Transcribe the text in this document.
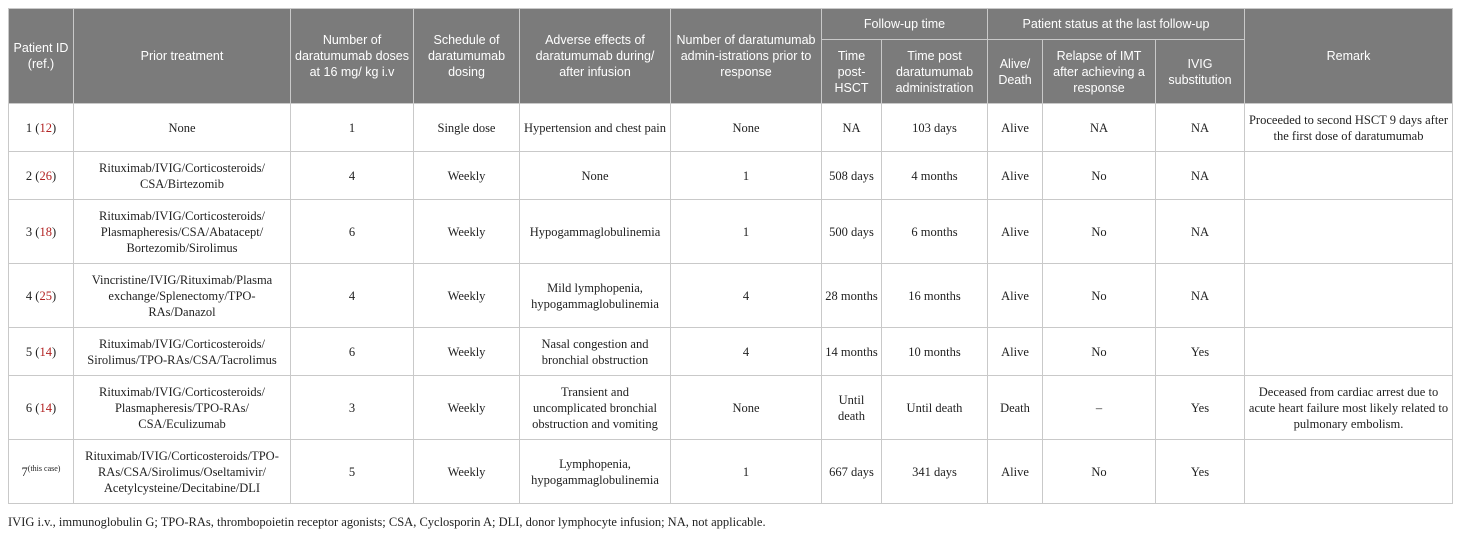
Patient ID (ref.)	Prior treatment	Number of daratumumab doses at 16 mg/ kg i.v	Schedule of daratumumab dosing	Adverse effects of daratumumab during/ after infusion	Number of daratumumab admin-istrations prior to response	Follow-up time		Patient status at the last follow-up			Remark
						Time post-HSCT	Time post daratumumab administration	Alive/ Death	Relapse of IMT after achieving a response	IVIG substitution	
1 (12)	None	1	Single dose	Hypertension and chest pain	None	NA	103 days	Alive	NA	NA	Proceeded to second HSCT 9 days after the first dose of daratumumab
2 (26)	Rituximab/IVIG/Corticosteroids/ CSA/Birtezomib	4	Weekly	None	1	508 days	4 months	Alive	No	NA	
3 (18)	Rituximab/IVIG/Corticosteroids/ Plasmapheresis/CSA/Abatacept/ Bortezomib/Sirolimus	6	Weekly	Hypogammaglobulinemia	1	500 days	6 months	Alive	No	NA	
4 (25)	Vincristine/IVIG/Rituximab/Plasma exchange/Splenectomy/TPO-RAs/Danazol	4	Weekly	Mild lymphopenia, hypogammaglobulinemia	4	28 months	16 months	Alive	No	NA	
5 (14)	Rituximab/IVIG/Corticosteroids/ Sirolimus/TPO-RAs/CSA/Tacrolimus	6	Weekly	Nasal congestion and bronchial obstruction	4	14 months	10 months	Alive	No	Yes	
6 (14)	Rituximab/IVIG/Corticosteroids/ Plasmapheresis/TPO-RAs/ CSA/Eculizumab	3	Weekly	Transient and uncomplicated bronchial obstruction and vomiting	None	Until death	Until death	Death	–	Yes	Deceased from cardiac arrest due to acute heart failure most likely related to pulmonary embolism.
$7^{(this case)}$	Rituximab/IVIG/Corticosteroids/TPO-RAs/CSA/Sirolimus/Oseltamivir/ Acetylcysteine/Decitabine/DLI	5	Weekly	Lymphopenia, hypogammaglobulinemia	1	667 days	341 days	Alive	No	Yes	
IVIG i.v., immunoglobulin G; TPO-RAs, thrombopoietin receptor agonists; CSA, Cyclosporin A; DLI, donor lymphocyte infusion; NA, not applicable.
